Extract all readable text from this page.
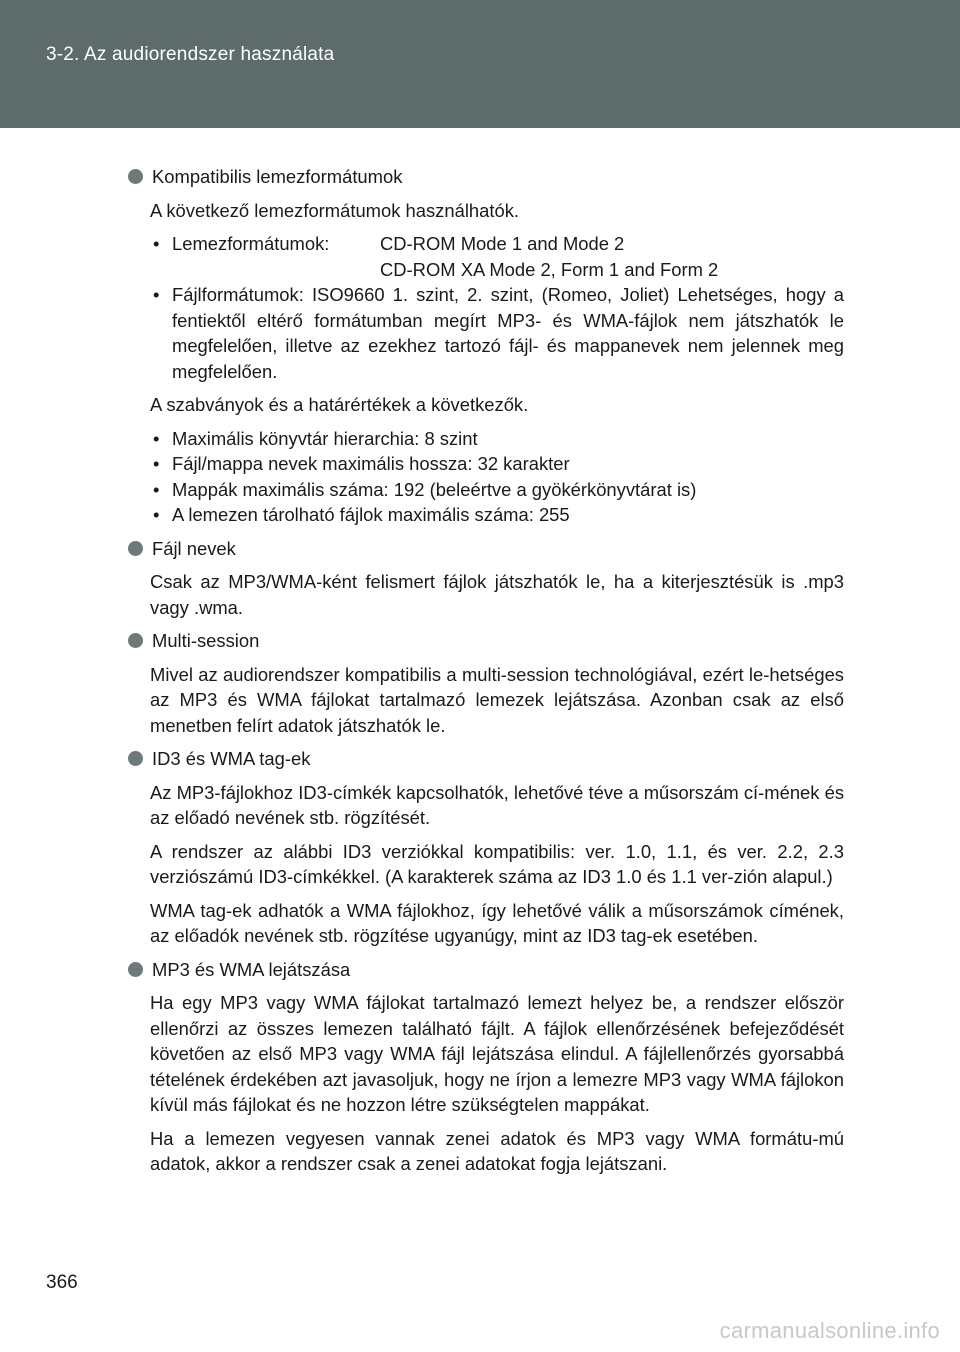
3-2. Az audiorendszer használata
Kompatibilis lemezformátumok

A következő lemezformátumok használhatók.

• Lemezformátumok:	CD-ROM Mode 1 and Mode 2
CD-ROM XA Mode 2, Form 1 and Form 2
• Fájlformátumok: ISO9660 1. szint, 2. szint, (Romeo, Joliet) Lehetséges, hogy a fentiektől eltérő formátumban megírt MP3- és WMA-fájlok nem játszhatók le megfelelően, illetve az ezekhez tartozó fájl- és mappanevek nem jelennek meg megfelelően.

A szabványok és a határértékek a következők.

• Maximális könyvtár hierarchia: 8 szint
• Fájl/mappa nevek maximális hossza: 32 karakter
• Mappák maximális száma: 192 (beleértve a gyökérkönyvtárat is)
• A lemezen tárolható fájlok maximális száma: 255
Fájl nevek

Csak az MP3/WMA-ként felismert fájlok játszhatók le, ha a kiterjesztésük is .mp3 vagy .wma.

Multi-session

Mivel az audiorendszer kompatibilis a multi-session technológiával, ezért le-hetséges az MP3 és WMA fájlokat tartalmazó lemezek lejátszása. Azonban csak az első menetben felírt adatok játszhatók le.

ID3 és WMA tag-ek

Az MP3-fájlokhoz ID3-címkék kapcsolhatók, lehetővé téve a műsorszám cí-mének és az előadó nevének stb. rögzítését.

A rendszer az alábbi ID3 verziókkal kompatibilis: ver. 1.0, 1.1, és ver. 2.2, 2.3 verziószámú ID3-címkékkel. (A karakterek száma az ID3 1.0 és 1.1 ver-zión alapul.)

WMA tag-ek adhatók a WMA fájlokhoz, így lehetővé válik a műsorszámok címének, az előadók nevének stb. rögzítése ugyanúgy, mint az ID3 tag-ek esetében.

MP3 és WMA lejátszása

Ha egy MP3 vagy WMA fájlokat tartalmazó lemezt helyez be, a rendszer először ellenőrzi az összes lemezen található fájlt. A fájlok ellenőrzésének befejeződését követően az első MP3 vagy WMA fájl lejátszása elindul. A fájlellenőrzés gyorsabbá tételének érdekében azt javasoljuk, hogy ne írjon a lemezre MP3 vagy WMA fájlokon kívül más fájlokat és ne hozzon létre szükségtelen mappákat.

Ha a lemezen vegyesen vannak zenei adatok és MP3 vagy WMA formátu-mú adatok, akkor a rendszer csak a zenei adatokat fogja lejátszani.

366
carmanualsonline.info
